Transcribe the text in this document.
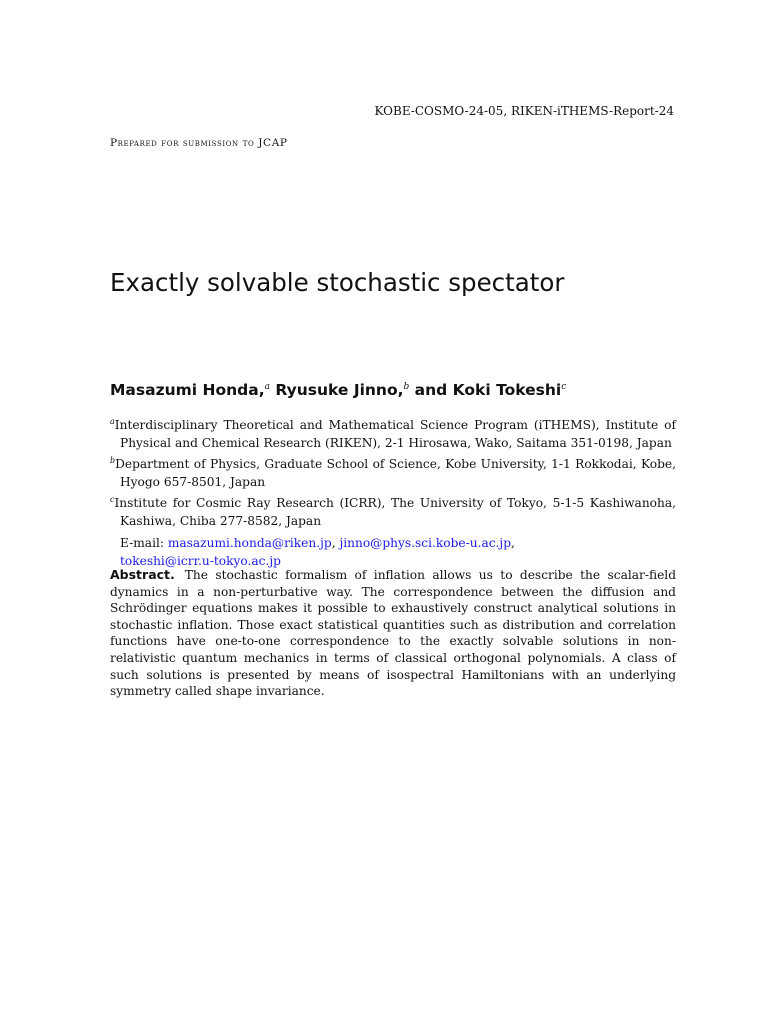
KOBE-COSMO-24-05, RIKEN-iTHEMS-Report-24
Prepared for submission to JCAP
Exactly solvable stochastic spectator
Masazumi Honda,$^a$ Ryusuke Jinno,$^b$ and Koki Tokeshi$^c$
$^a$Interdisciplinary Theoretical and Mathematical Science Program (iTHEMS), Institute of Physical and Chemical Research (RIKEN), 2-1 Hirosawa, Wako, Saitama 351-0198, Japan
$^b$Department of Physics, Graduate School of Science, Kobe University, 1-1 Rokkodai, Kobe, Hyogo 657-8501, Japan
$^c$Institute for Cosmic Ray Research (ICRR), The University of Tokyo, 5-1-5 Kashiwanoha, Kashiwa, Chiba 277-8582, Japan
E-mail: masazumi.honda@riken.jp, jinno@phys.sci.kobe-u.ac.jp,
tokeshi@icrr.u-tokyo.ac.jp

Abstract. The stochastic formalism of inflation allows us to describe the scalar-field dynamics in a non-perturbative way. The correspondence between the diffusion and Schrödinger equations makes it possible to exhaustively construct analytical solutions in stochastic inflation. Those exact statistical quantities such as distribution and correlation functions have one-to-one correspondence to the exactly solvable solutions in non-relativistic quantum mechanics in terms of classical orthogonal polynomials. A class of such solutions is presented by means of isospectral Hamiltonians with an underlying symmetry called shape invariance.
